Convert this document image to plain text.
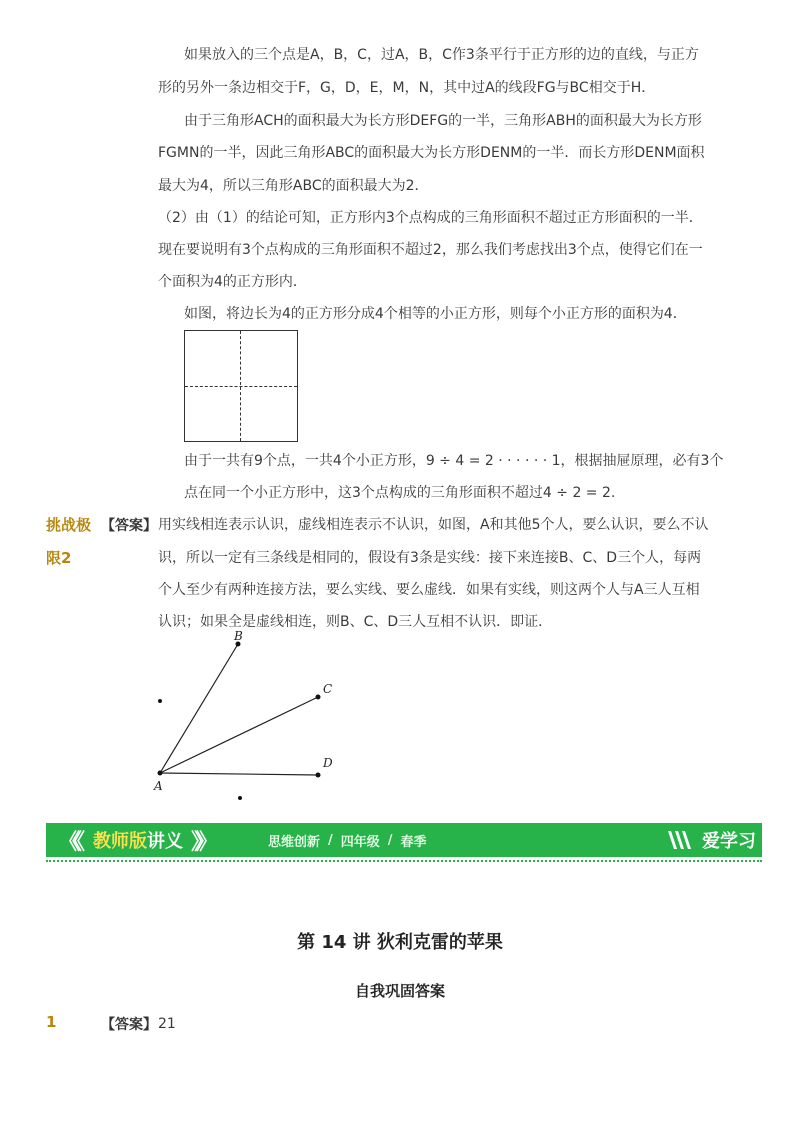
如果放入的三个点是A，B，C，过A，B，C作3条平行于正方形的边的直线，与正方
形的另外一条边相交于F，G，D，E，M，N，其中过A的线段FG与BC相交于H．
由于三角形ACH的面积最大为长方形DEFG的一半，三角形ABH的面积最大为长方形
FGMN的一半，因此三角形ABC的面积最大为长方形DENM的一半．而长方形DENM面积
最大为4，所以三角形ABC的面积最大为2．
（2）由（1）的结论可知，正方形内3个点构成的三角形面积不超过正方形面积的一半．
现在要说明有3个点构成的三角形面积不超过2，那么我们考虑找出3个点，使得它们在一
个面积为4的正方形内．
如图，将边长为4的正方形分成4个相等的小正方形，则每个小正方形的面积为4．
由于一共有9个点，一共4个小正方形，9 ÷ 4 = 2 · · · · · · 1，根据抽屉原理，必有3个
点在同一个小正方形中，这3个点构成的三角形面积不超过4 ÷ 2 = 2.
挑战极
限2
【答案】 用实线相连表示认识，虚线相连表示不认识，如图，A和其他5个人，要么认识，要么不认
识，所以一定有三条线是相同的，假设有3条是实线：接下来连接B、C、D三个人，每两
个人至少有两种连接方法，要么实线、要么虚线．如果有实线，则这两个人与A三人互相
认识；如果全是虚线相连，则B、C、D三人互相不认识．即证．
A
B
C
D
《《 教师版 讲义 》》	思维创新 / 四年级 / 春季	爱学习
第 14 讲 狄利克雷的苹果
自我巩固答案
1	【答案】 21
